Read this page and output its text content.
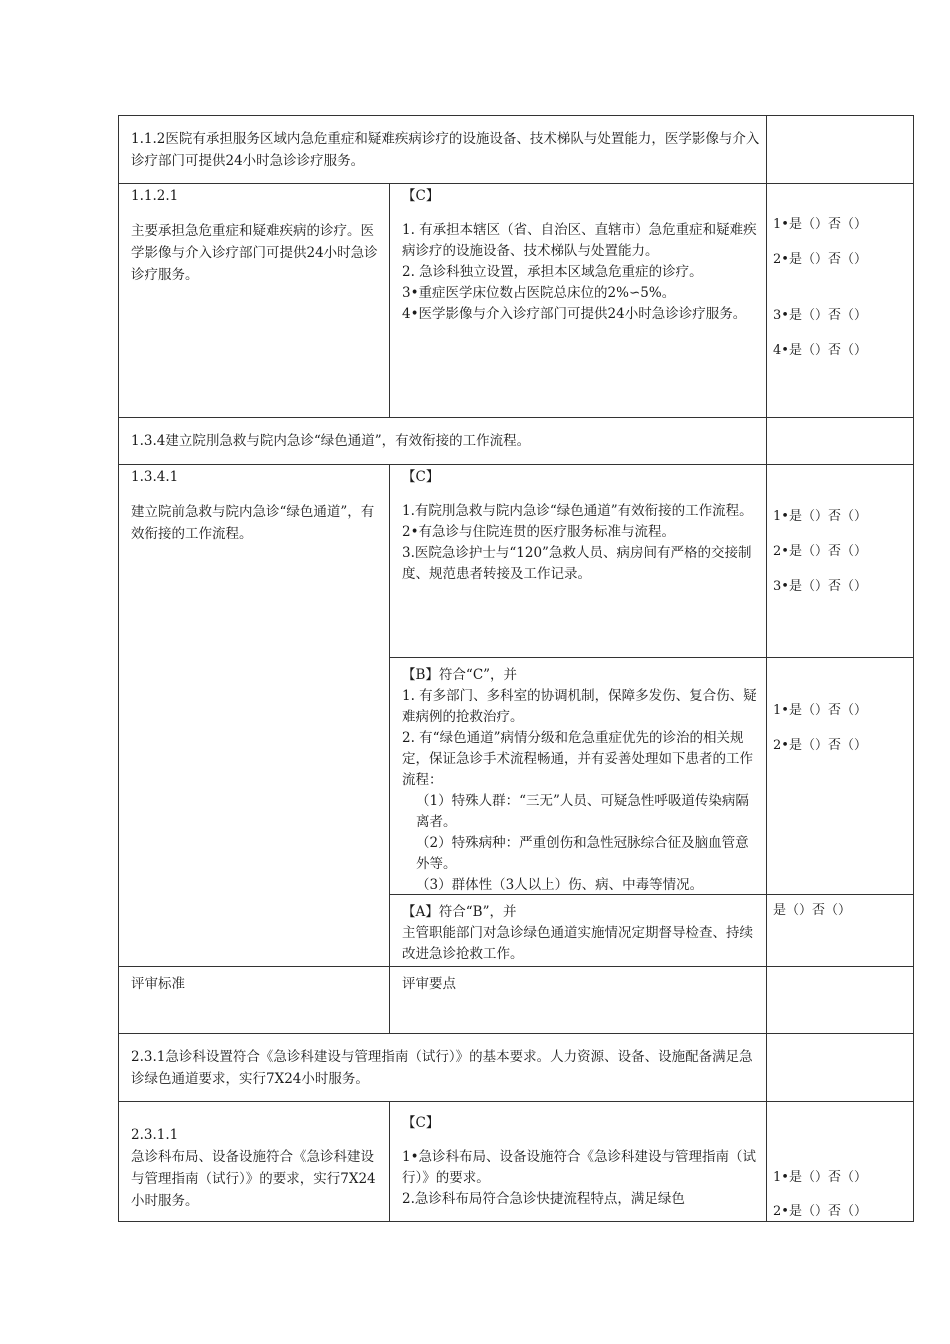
1.1.2医院有承担服务区域内急危重症和疑难疾病诊疗的设施设备、技术梯队与处置能力，医学影像与介入诊疗部门可提供24小时急诊诊疗服务。
1.1.2.1
主要承担急危重症和疑难疾病的诊疗。医学影像与介入诊疗部门可提供24小时急诊诊疗服务。
【C】
1. 有承担本辖区（省、自治区、直辖市）急危重症和疑难疾病诊疗的设施设备、技术梯队与处置能力。
2. 急诊科独立设置，承担本区域急危重症的诊疗。
3•重症医学床位数占医院总床位的2%∽5%。
4•医学影像与介入诊疗部门可提供24小时急诊诊疗服务。
1•是（）否（）
2•是（）否（）
3•是（）否（）
4•是（）否（）
1.3.4建立院刖急救与院内急诊“绿色通道”，有效衔接的工作流程。
1.3.4.1
建立院前急救与院内急诊“绿色通道”，有效衔接的工作流程。
【C】
1.有院刖急救与院内急诊“绿色通道”有效衔接的工作流程。
2•有急诊与住院连贯的医疗服务标准与流程。
3.医院急诊护士与“120”急救人员、病房间有严格的交接制度、规范患者转接及工作记录。
1•是（）否（）
2•是（）否（）
3•是（）否（）
【B】符合“C”，并
1. 有多部门、多科室的协调机制，保障多发伤、复合伤、疑难病例的抢救治疗。
2. 有“绿色通道”病情分级和危急重症优先的诊治的相关规定，保证急诊手术流程畅通，并有妥善处理如下患者的工作流程：
（1）特殊人群：“三无”人员、可疑急性呼吸道传染病隔离者。
（2）特殊病种：严重创伤和急性冠脉综合征及脑血管意外等。
（3）群体性（3人以上）伤、病、中毒等情况。
1•是（）否（）
2•是（）否（）
【A】符合“B”，并
主管职能部门对急诊绿色通道实施情况定期督导检查、持续改进急诊抢救工作。
是（）否（）
评审标准	评审要点
2.3.1急诊科设置符合《急诊科建设与管理指南（试行）》的基本要求。人力资源、设备、设施配备满足急诊绿色通道要求，实行7X24小时服务。
2.3.1.1
急诊科布局、设备设施符合《急诊科建设与管理指南（试行）》的要求，实行7X24小时服务。
【C】
1•急诊科布局、设备设施符合《急诊科建设与管理指南（试行）》的要求。
2.急诊科布局符合急诊快捷流程特点，满足绿色
1•是（）否（）
2•是（）否（）
